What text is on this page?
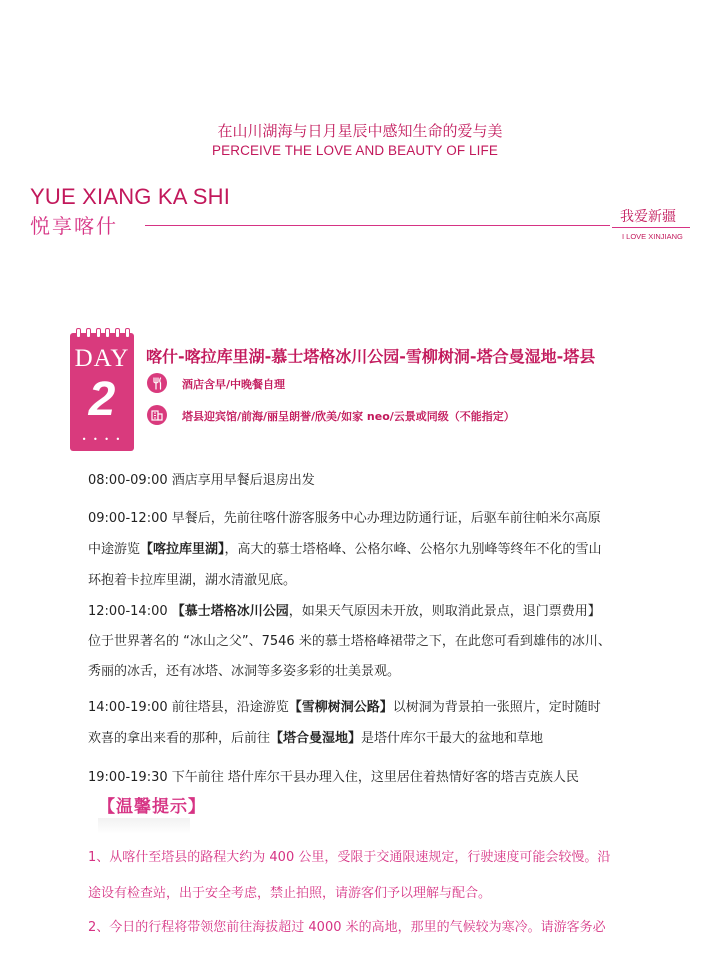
在山川湖海与日月星辰中感知生命的爱与美
PERCEIVE THE LOVE AND BEAUTY OF LIFE
YUE XIANG KA SHI
悦享喀什	我爱新疆
I LOVE XINJIANG
DAY
2
• • • •
喀什-喀拉库里湖-慕士塔格冰川公园-雪柳树洞-塔合曼湿地-塔县
酒店含早/中晚餐自理
塔县迎宾馆/前海/丽呈朗誉/欣美/如家 neo/云景或同级（不能指定）

08:00-09:00 酒店享用早餐后退房出发

09:00-12:00 早餐后，先前往喀什游客服务中心办理边防通行证，后驱车前往帕米尔高原

中途游览【喀拉库里湖】，高大的慕士塔格峰、公格尔峰、公格尔九别峰等终年不化的雪山

环抱着卡拉库里湖，湖水清澈见底。

12:00-14:00 【慕士塔格冰川公园，如果天气原因未开放，则取消此景点，退门票费用】

位于世界著名的 “冰山之父”、7546 米的慕士塔格峰裙带之下，在此您可看到雄伟的冰川、

秀丽的冰舌，还有冰塔、冰洞等多姿多彩的壮美景观。

14:00-19:00 前往塔县，沿途游览【雪柳树洞公路】以树洞为背景拍一张照片，定时随时

欢喜的拿出来看的那种，后前往【塔合曼湿地】是塔什库尔干最大的盆地和草地

19:00-19:30 下午前往 塔什库尔干县办理入住，这里居住着热情好客的塔吉克族人民

【温馨提示】

1、从喀什至塔县的路程大约为 400 公里，受限于交通限速规定，行驶速度可能会较慢。沿

途设有检查站，出于安全考虑，禁止拍照，请游客们予以理解与配合。

2、今日的行程将带领您前往海拔超过 4000 米的高地，那里的气候较为寒冷。请游客务必
